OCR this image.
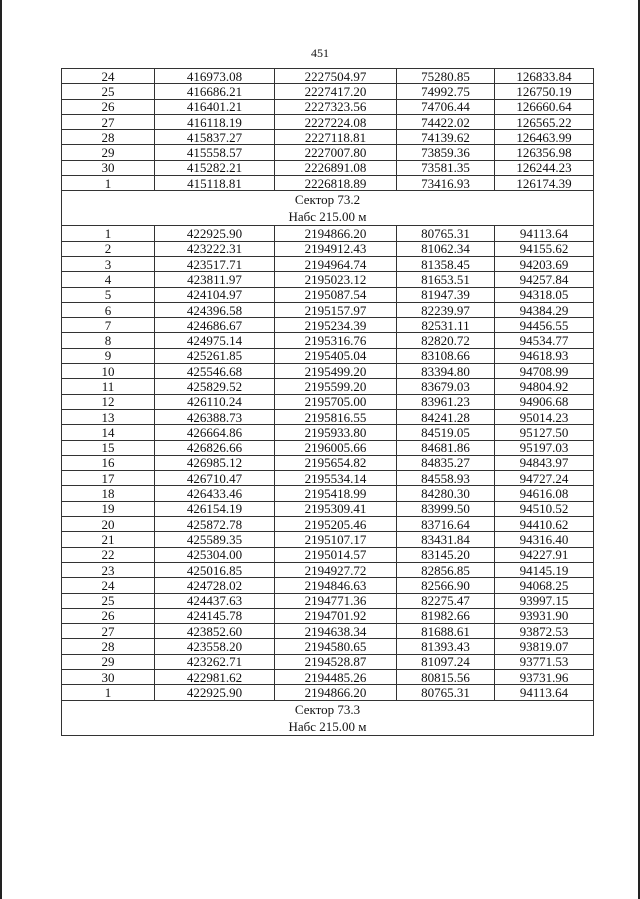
451
24	416973.08	2227504.97	75280.85	126833.84
25	416686.21	2227417.20	74992.75	126750.19
26	416401.21	2227323.56	74706.44	126660.64
27	416118.19	2227224.08	74422.02	126565.22
28	415837.27	2227118.81	74139.62	126463.99
29	415558.57	2227007.80	73859.36	126356.98
30	415282.21	2226891.08	73581.35	126244.23
1	415118.81	2226818.89	73416.93	126174.39
Сектор 73.2				
Набс 215.00 м				
1	422925.90	2194866.20	80765.31	94113.64
2	423222.31	2194912.43	81062.34	94155.62
3	423517.71	2194964.74	81358.45	94203.69
4	423811.97	2195023.12	81653.51	94257.84
5	424104.97	2195087.54	81947.39	94318.05
6	424396.58	2195157.97	82239.97	94384.29
7	424686.67	2195234.39	82531.11	94456.55
8	424975.14	2195316.76	82820.72	94534.77
9	425261.85	2195405.04	83108.66	94618.93
10	425546.68	2195499.20	83394.80	94708.99
11	425829.52	2195599.20	83679.03	94804.92
12	426110.24	2195705.00	83961.23	94906.68
13	426388.73	2195816.55	84241.28	95014.23
14	426664.86	2195933.80	84519.05	95127.50
15	426826.66	2196005.66	84681.86	95197.03
16	426985.12	2195654.82	84835.27	94843.97
17	426710.47	2195534.14	84558.93	94727.24
18	426433.46	2195418.99	84280.30	94616.08
19	426154.19	2195309.41	83999.50	94510.52
20	425872.78	2195205.46	83716.64	94410.62
21	425589.35	2195107.17	83431.84	94316.40
22	425304.00	2195014.57	83145.20	94227.91
23	425016.85	2194927.72	82856.85	94145.19
24	424728.02	2194846.63	82566.90	94068.25
25	424437.63	2194771.36	82275.47	93997.15
26	424145.78	2194701.92	81982.66	93931.90
27	423852.60	2194638.34	81688.61	93872.53
28	423558.20	2194580.65	81393.43	93819.07
29	423262.71	2194528.87	81097.24	93771.53
30	422981.62	2194485.26	80815.56	93731.96
1	422925.90	2194866.20	80765.31	94113.64
Сектор 73.3				
Набс 215.00 м				
